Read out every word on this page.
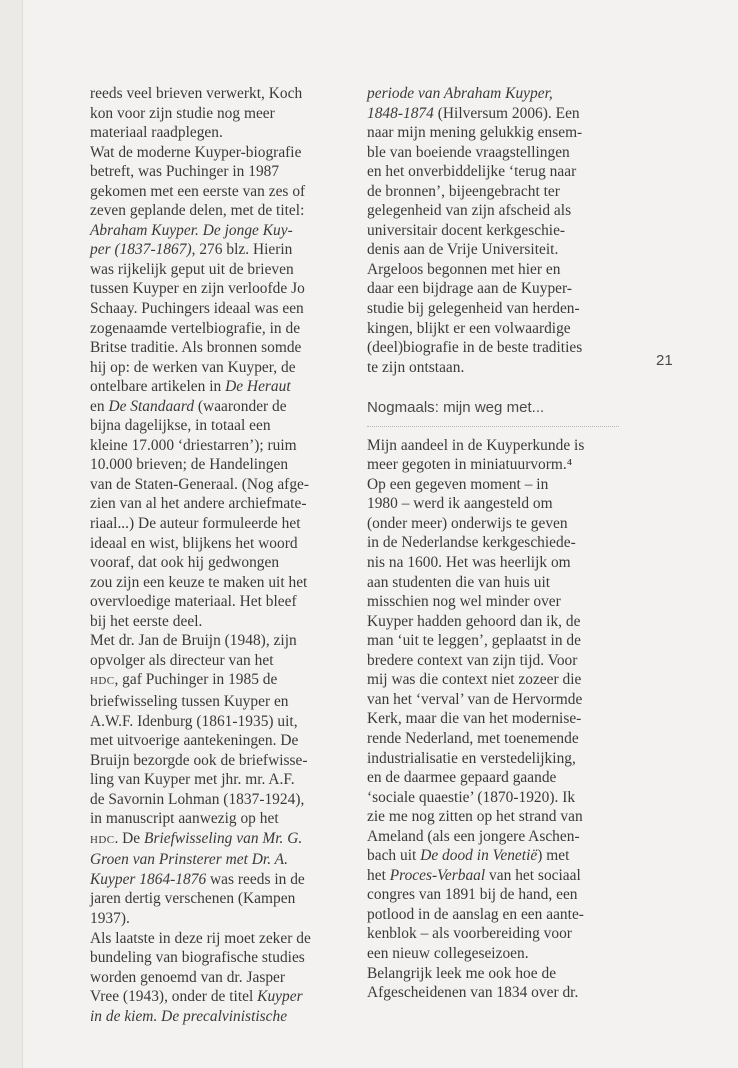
reeds veel brieven verwerkt, Koch

kon voor zijn studie nog meer

materiaal raadplegen.

Wat de moderne Kuyper-biografie

betreft, was Puchinger in 1987

gekomen met een eerste van zes of

zeven geplande delen, met de titel:

Abraham Kuyper. De jonge Kuy-

per (1837-1867), 276 blz. Hierin

was rijkelijk geput uit de brieven

tussen Kuyper en zijn verloofde Jo

Schaay. Puchingers ideaal was een

zogenaamde vertelbiografie, in de

Britse traditie. Als bronnen somde

hij op: de werken van Kuyper, de

ontelbare artikelen in De Heraut

en De Standaard (waaronder de

bijna dagelijkse, in totaal een

kleine 17.000 ‘driestarren’); ruim

10.000 brieven; de Handelingen

van de Staten-Generaal. (Nog afge-

zien van al het andere archiefmate-

riaal...) De auteur formuleerde het

ideaal en wist, blijkens het woord

vooraf, dat ook hij gedwongen

zou zijn een keuze te maken uit het

overvloedige materiaal. Het bleef

bij het eerste deel.

Met dr. Jan de Bruijn (1948), zijn

opvolger als directeur van het

HDC, gaf Puchinger in 1985 de

briefwisseling tussen Kuyper en

A.W.F. Idenburg (1861-1935) uit,

met uitvoerige aantekeningen. De

Bruijn bezorgde ook de briefwisse-

ling van Kuyper met jhr. mr. A.F.

de Savornin Lohman (1837-1924),

in manuscript aanwezig op het

HDC. De Briefwisseling van Mr. G.

Groen van Prinsterer met Dr. A.

Kuyper 1864-1876 was reeds in de

jaren dertig verschenen (Kampen

1937).

Als laatste in deze rij moet zeker de

bundeling van biografische studies

worden genoemd van dr. Jasper

Vree (1943), onder de titel Kuyper

in de kiem. De precalvinistische

periode van Abraham Kuyper,

1848-1874 (Hilversum 2006). Een

naar mijn mening gelukkig ensem-

ble van boeiende vraagstellingen

en het onverbiddelijke ‘terug naar

de bronnen’, bijeengebracht ter

gelegenheid van zijn afscheid als

universitair docent kerkgeschie-

denis aan de Vrije Universiteit.

Argeloos begonnen met hier en

daar een bijdrage aan de Kuyper-

studie bij gelegenheid van herden-

kingen, blijkt er een volwaardige

(deel)biografie in de beste tradities

te zijn ontstaan.

Nogmaals: mijn weg met...

Mijn aandeel in de Kuyperkunde is

meer gegoten in miniatuurvorm.⁴

Op een gegeven moment – in

1980 – werd ik aangesteld om

(onder meer) onderwijs te geven

in de Nederlandse kerkgeschiede-

nis na 1600. Het was heerlijk om

aan studenten die van huis uit

misschien nog wel minder over

Kuyper hadden gehoord dan ik, de

man ‘uit te leggen’, geplaatst in de

bredere context van zijn tijd. Voor

mij was die context niet zozeer die

van het ‘verval’ van de Hervormde

Kerk, maar die van het modernise-

rende Nederland, met toenemende

industrialisatie en verstedelijking,

en de daarmee gepaard gaande

‘sociale quaestie’ (1870-1920). Ik

zie me nog zitten op het strand van

Ameland (als een jongere Aschen-

bach uit De dood in Venetië) met

het Proces-Verbaal van het sociaal

congres van 1891 bij de hand, een

potlood in de aanslag en een aante-

kenblok – als voorbereiding voor

een nieuw collegeseizoen.

Belangrijk leek me ook hoe de

Afgescheidenen van 1834 over dr.

21
